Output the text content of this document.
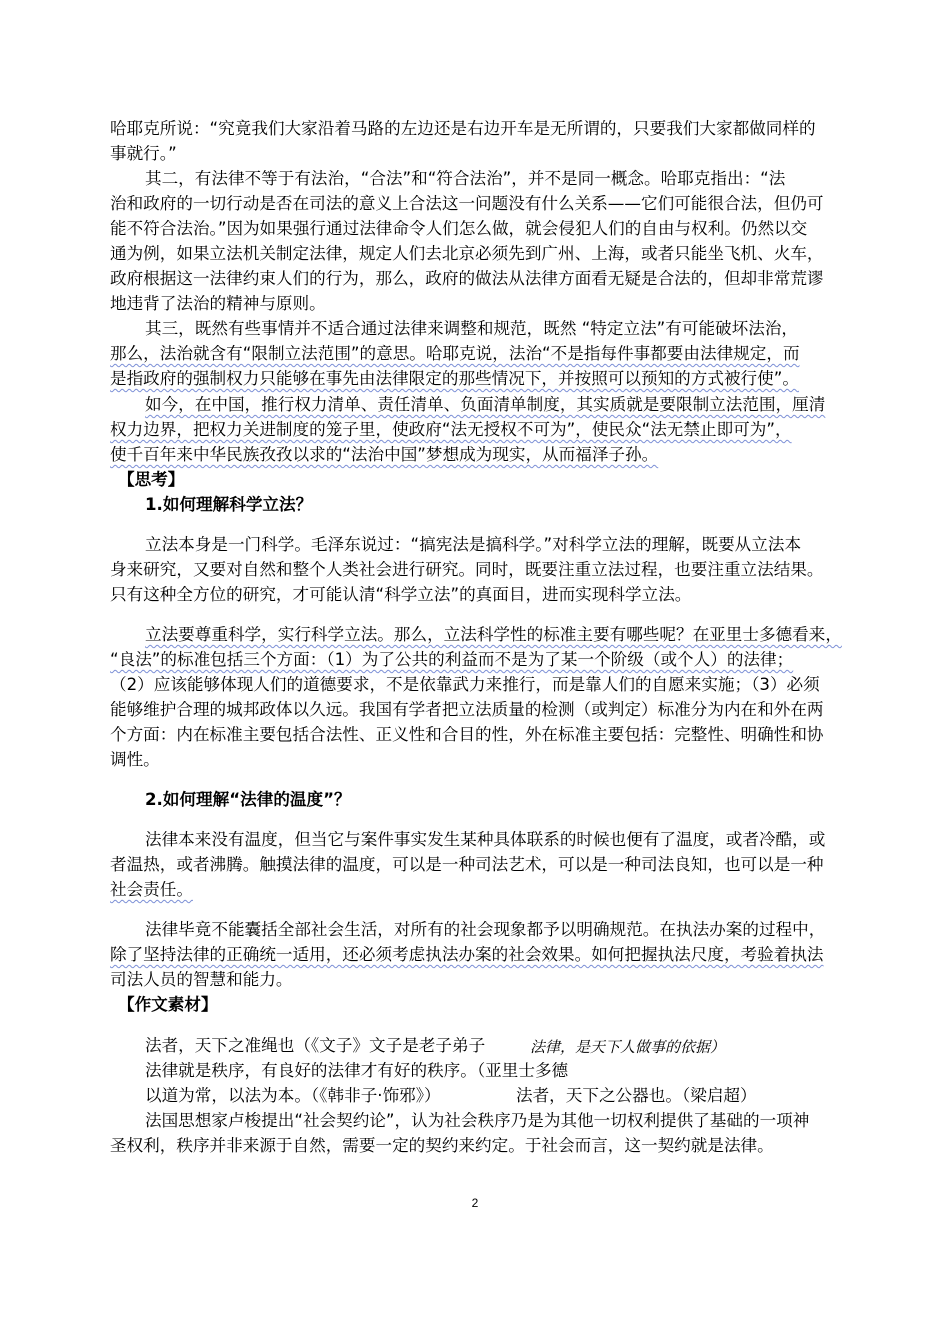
哈耶克所说：“究竟我们大家沿着马路的左边还是右边开车是无所谓的，只要我们大家都做同样的
事就行。”
其二，有法律不等于有法治，“合法”和“符合法治”，并不是同一概念。哈耶克指出：“法
治和政府的一切行动是否在司法的意义上合法这一问题没有什么关系——它们可能很合法，但仍可
能不符合法治。”因为如果强行通过法律命令人们怎么做，就会侵犯人们的自由与权利。仍然以交
通为例，如果立法机关制定法律，规定人们去北京必须先到广州、上海，或者只能坐飞机、火车，
政府根据这一法律约束人们的行为，那么，政府的做法从法律方面看无疑是合法的，但却非常荒谬
地违背了法治的精神与原则。
其三，既然有些事情并不适合通过法律来调整和规范，既然 “特定立法”有可能破坏法治，
那么，法治就含有“限制立法范围”的意思。哈耶克说，法治“不是指每件事都要由法律规定，而
是指政府的强制权力只能够在事先由法律限定的那些情况下，并按照可以预知的方式被行使”。
如今，在中国，推行权力清单、责任清单、负面清单制度，其实质就是要限制立法范围，厘清
权力边界，把权力关进制度的笼子里，使政府“法无授权不可为”，使民众“法无禁止即可为”，
使千百年来中华民族孜孜以求的“法治中国”梦想成为现实，从而福泽子孙。
【思考】
1.如何理解科学立法？
立法本身是一门科学。毛泽东说过：“搞宪法是搞科学。”对科学立法的理解，既要从立法本
身来研究，又要对自然和整个人类社会进行研究。同时，既要注重立法过程，也要注重立法结果。
只有这种全方位的研究，才可能认清“科学立法”的真面目，进而实现科学立法。
立法要尊重科学，实行科学立法。那么，立法科学性的标准主要有哪些呢？在亚里士多德看来，
“良法”的标准包括三个方面：（1）为了公共的利益而不是为了某一个阶级（或个人）的法律；
（2）应该能够体现人们的道德要求，不是依靠武力来推行，而是靠人们的自愿来实施；（3）必须
能够维护合理的城邦政体以久远。我国有学者把立法质量的检测（或判定）标准分为内在和外在两
个方面：内在标准主要包括合法性、正义性和合目的性，外在标准主要包括：完整性、明确性和协
调性。
2.如何理解“法律的温度”？
法律本来没有温度，但当它与案件事实发生某种具体联系的时候也便有了温度，或者冷酷，或
者温热，或者沸腾。触摸法律的温度，可以是一种司法艺术，可以是一种司法良知，也可以是一种
社会责任。
法律毕竟不能囊括全部社会生活，对所有的社会现象都予以明确规范。在执法办案的过程中，
除了坚持法律的正确统一适用，还必须考虑执法办案的社会效果。如何把握执法尺度，考验着执法
司法人员的智慧和能力。
【作文素材】
法者，天下之准绳也（《文子》文子是老子弟子	法律，是天下人做事的依据）
法律就是秩序，有良好的法律才有好的秩序。（亚里士多德
以道为常，以法为本。（《韩非子·饰邪》）	法者，天下之公器也。（梁启超）
法国思想家卢梭提出“社会契约论”，认为社会秩序乃是为其他一切权利提供了基础的一项神
圣权利，秩序并非来源于自然，需要一定的契约来约定。于社会而言，这一契约就是法律。
2
